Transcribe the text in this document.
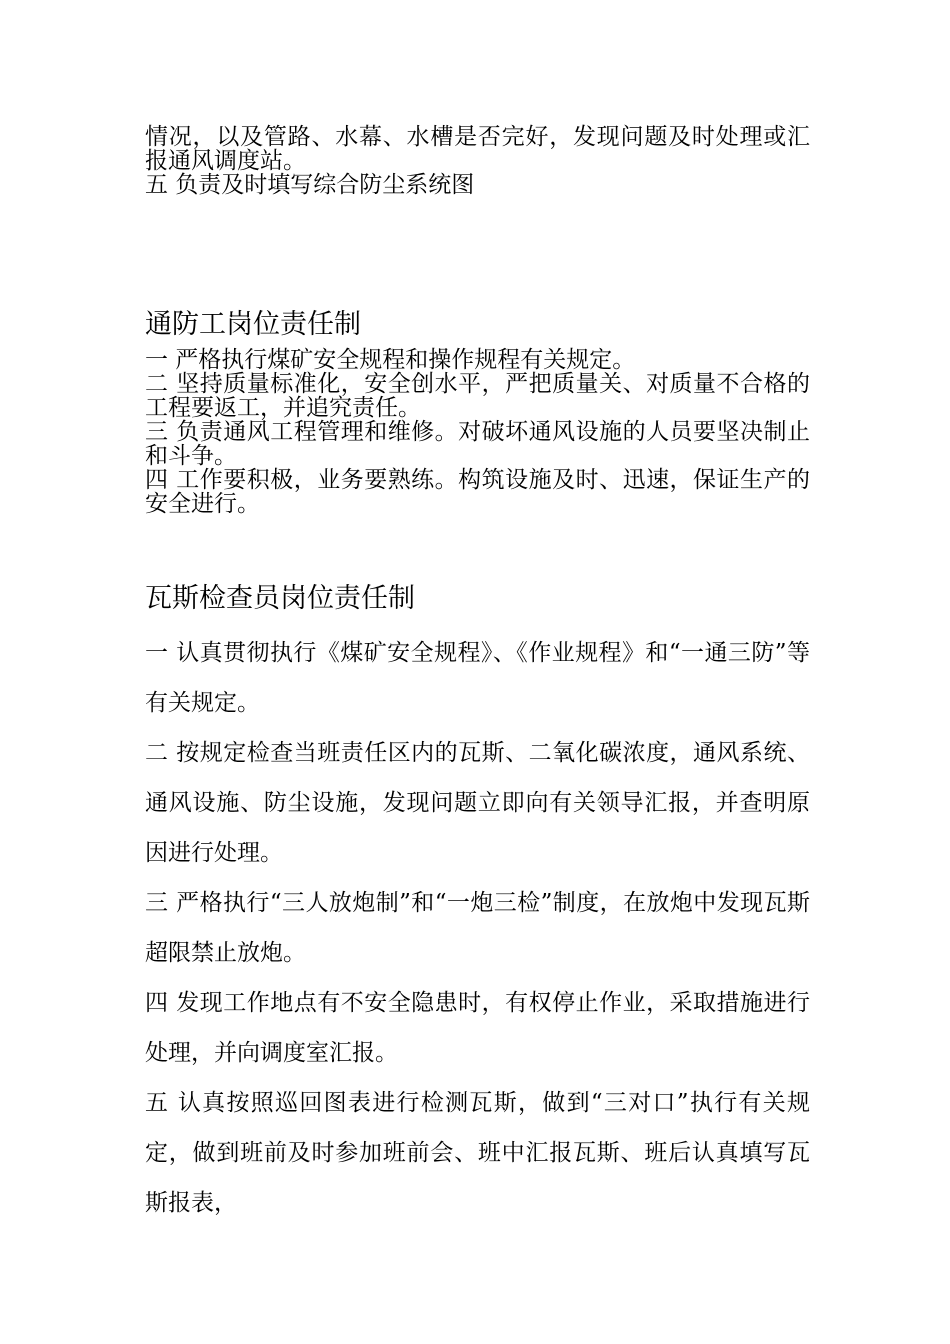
情况，以及管路、水幕、水槽是否完好，发现问题及时处理或汇报通风调度站。

五 负责及时填写综合防尘系统图

通防工岗位责任制

一 严格执行煤矿安全规程和操作规程有关规定。

二 坚持质量标准化，安全创水平，严把质量关、对质量不合格的工程要返工，并追究责任。

三 负责通风工程管理和维修。对破坏通风设施的人员要坚决制止和斗争。

四 工作要积极，业务要熟练。构筑设施及时、迅速，保证生产的安全进行。

瓦斯检查员岗位责任制

一 认真贯彻执行《煤矿安全规程》、《作业规程》和“一通三防”等有关规定。

二 按规定检查当班责任区内的瓦斯、二氧化碳浓度，通风系统、通风设施、防尘设施，发现问题立即向有关领导汇报，并查明原因进行处理。

三 严格执行“三人放炮制”和“一炮三检”制度，在放炮中发现瓦斯超限禁止放炮。

四 发现工作地点有不安全隐患时，有权停止作业，采取措施进行处理，并向调度室汇报。

五 认真按照巡回图表进行检测瓦斯，做到“三对口”执行有关规定，做到班前及时参加班前会、班中汇报瓦斯、班后认真填写瓦斯报表，
